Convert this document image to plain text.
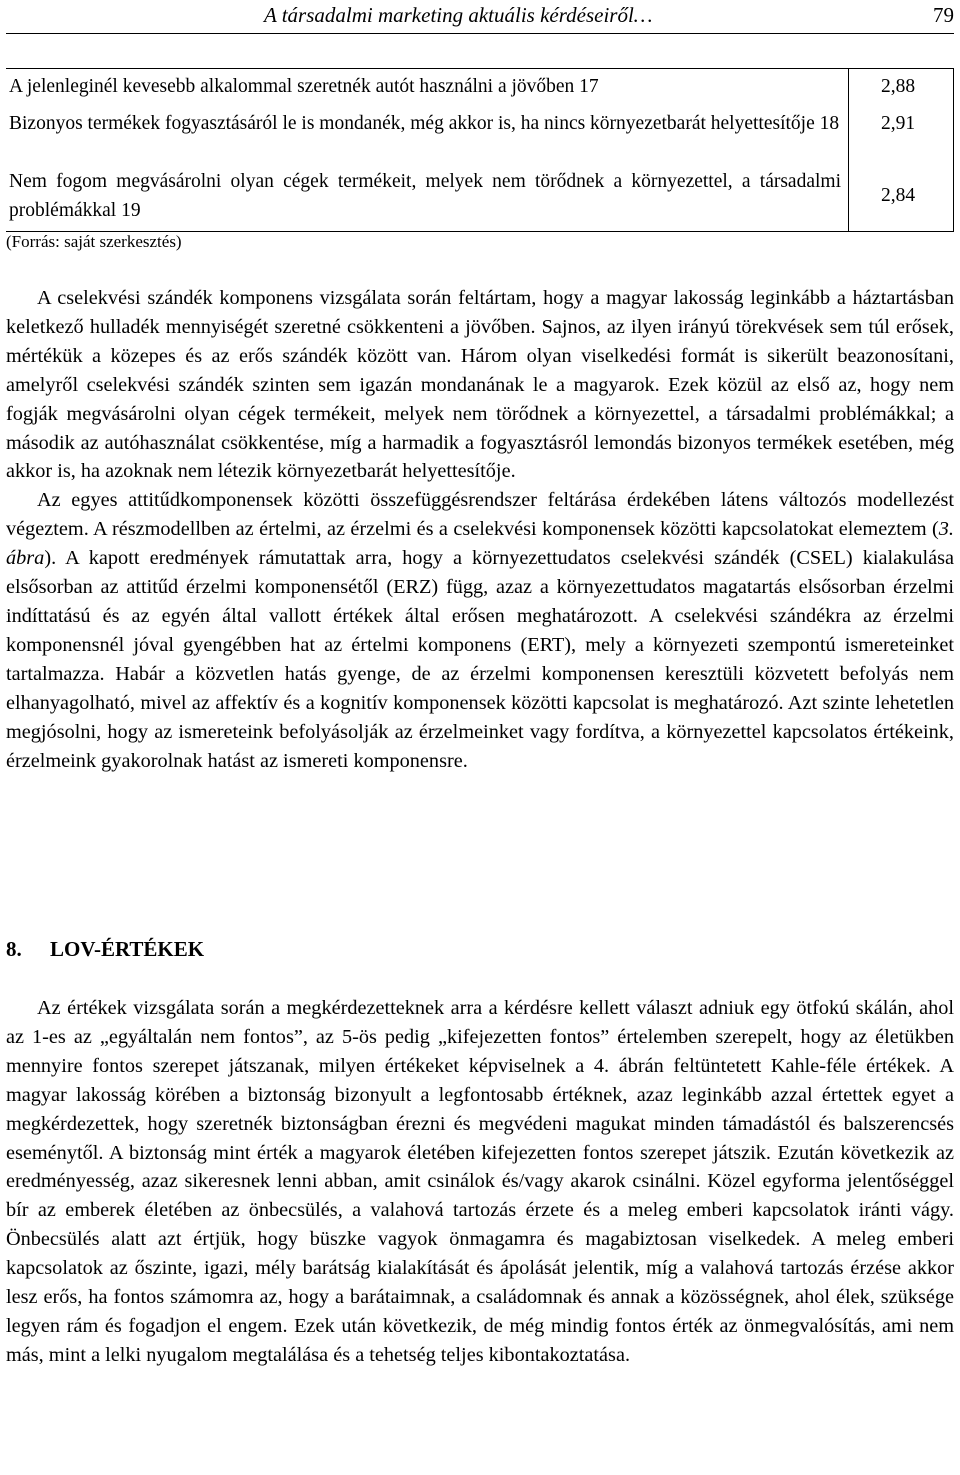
A társadalmi marketing aktuális kérdéseiről…	79
A jelenleginél kevesebb alkalommal szeretnék autót használni a jövőben 17	2,88
Bizonyos termékek fogyasztásáról le is mondanék, még akkor is, ha nincs környezetbarát helyettesítője 18 2,91
Nem fogom megvásárolni olyan cégek termékeit, melyek nem törődnek a környezettel, a társadalmi problémákkal 19
2,84
(Forrás: saját szerkesztés)

A cselekvési szándék komponens vizsgálata során feltártam, hogy a magyar lakosság leginkább a háztartásban keletkező hulladék mennyiségét szeretné csökkenteni a jövőben. Sajnos, az ilyen irányú törekvések sem túl erősek, mértékük a közepes és az erős szándék között van. Három olyan viselkedési formát is sikerült beazonosítani, amelyről cselekvési szándék szinten sem igazán mondanának le a magyarok. Ezek közül az első az, hogy nem fogják megvásárolni olyan cégek termékeit, melyek nem törődnek a környezettel, a társadalmi problémákkal; a második az autóhasználat csökkentése, míg a harmadik a fogyasztásról lemondás bizonyos termékek esetében, még akkor is, ha azoknak nem létezik környezetbarát helyettesítője.

Az egyes attitűdkomponensek közötti összefüggésrendszer feltárása érdekében látens változós modellezést végeztem. A részmodellben az értelmi, az érzelmi és a cselekvési komponensek közötti kapcsolatokat elemeztem (3. ábra). A kapott eredmények rámutattak arra, hogy a környezettudatos cselekvési szándék (CSEL) kialakulása elsősorban az attitűd érzelmi komponensétől (ERZ) függ, azaz a környezettudatos magatartás elsősorban érzelmi indíttatású és az egyén által vallott értékek által erősen meghatározott. A cselekvési szándékra az érzelmi komponensnél jóval gyengébben hat az értelmi komponens (ERT), mely a környezeti szempontú ismereteinket tartalmazza. Habár a közvetlen hatás gyenge, de az érzelmi komponensen keresztüli közvetett befolyás nem elhanyagolható, mivel az affektív és a kognitív komponensek közötti kapcsolat is meghatározó. Azt szinte lehetetlen megjósolni, hogy az ismereteink befolyásolják az érzelmeinket vagy fordítva, a környezettel kapcsolatos értékeink, érzelmeink gyakorolnak hatást az ismereti komponensre.

8. LOV-ÉRTÉKEK

Az értékek vizsgálata során a megkérdezetteknek arra a kérdésre kellett választ adniuk egy ötfokú skálán, ahol az 1-es az „egyáltalán nem fontos”, az 5-ös pedig „kifejezetten fontos” értelemben szerepelt, hogy az életükben mennyire fontos szerepet játszanak, milyen értékeket képviselnek a 4. ábrán feltüntetett Kahle-féle értékek. A magyar lakosság körében a biztonság bizonyult a legfontosabb értéknek, azaz leginkább azzal értettek egyet a megkérdezettek, hogy szeretnék biztonságban érezni és megvédeni magukat minden támadástól és balszerencsés eseménytől. A biztonság mint érték a magyarok életében kifejezetten fontos szerepet játszik. Ezután következik az eredményesség, azaz sikeresnek lenni abban, amit csinálok és/vagy akarok csinálni. Közel egyforma jelentőséggel bír az emberek életében az önbecsülés, a valahová tartozás érzete és a meleg emberi kapcsolatok iránti vágy. Önbecsülés alatt azt értjük, hogy büszke vagyok önmagamra és magabiztosan viselkedek. A meleg emberi kapcsolatok az őszinte, igazi, mély barátság kialakítását és ápolását jelentik, míg a valahová tartozás érzése akkor lesz erős, ha fontos számomra az, hogy a barátaimnak, a családomnak és annak a közösségnek, ahol élek, szüksége legyen rám és fogadjon el engem. Ezek után következik, de még mindig fontos érték az önmegvalósítás, ami nem más, mint a lelki nyugalom megtalálása és a tehetség teljes kibontakoztatása.
